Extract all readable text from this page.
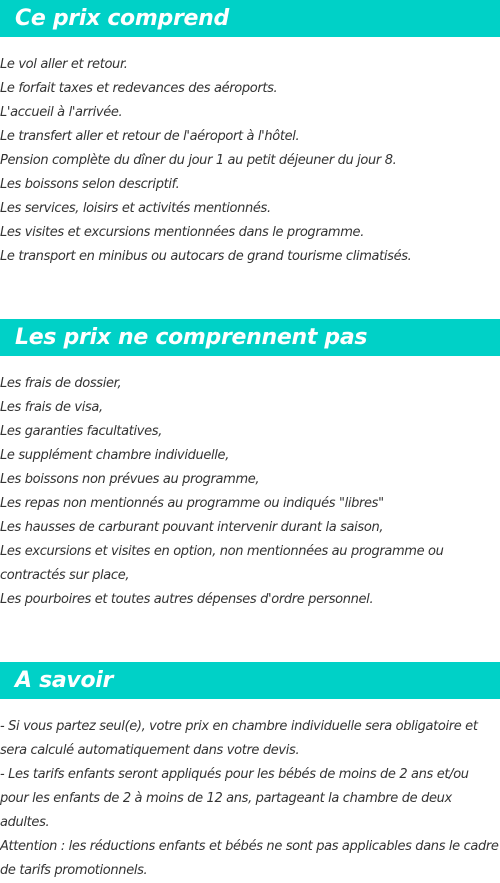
Ce prix comprend
Le vol aller et retour.
Le forfait taxes et redevances des aéroports.
L'accueil à l'arrivée.
Le transfert aller et retour de l'aéroport à l'hôtel.
Pension complète du dîner du jour 1 au petit déjeuner du jour 8.
Les boissons selon descriptif.
Les services, loisirs et activités mentionnés.
Les visites et excursions mentionnées dans le programme.
Le transport en minibus ou autocars de grand tourisme climatisés.
Les prix ne comprennent pas
Les frais de dossier,
Les frais de visa,
Les garanties facultatives,
Le supplément chambre individuelle,
Les boissons non prévues au programme,
Les repas non mentionnés au programme ou indiqués "libres"
Les hausses de carburant pouvant intervenir durant la saison,
Les excursions et visites en option, non mentionnées au programme ou contractés sur place,
Les pourboires et toutes autres dépenses d'ordre personnel.
A savoir
- Si vous partez seul(e), votre prix en chambre individuelle sera obligatoire et sera calculé automatiquement dans votre devis.
- Les tarifs enfants seront appliqués pour les bébés de moins de 2 ans et/ou pour les enfants de 2 à moins de 12 ans, partageant la chambre de deux adultes.
Attention : les réductions enfants et bébés ne sont pas applicables dans le cadre de tarifs promotionnels.
